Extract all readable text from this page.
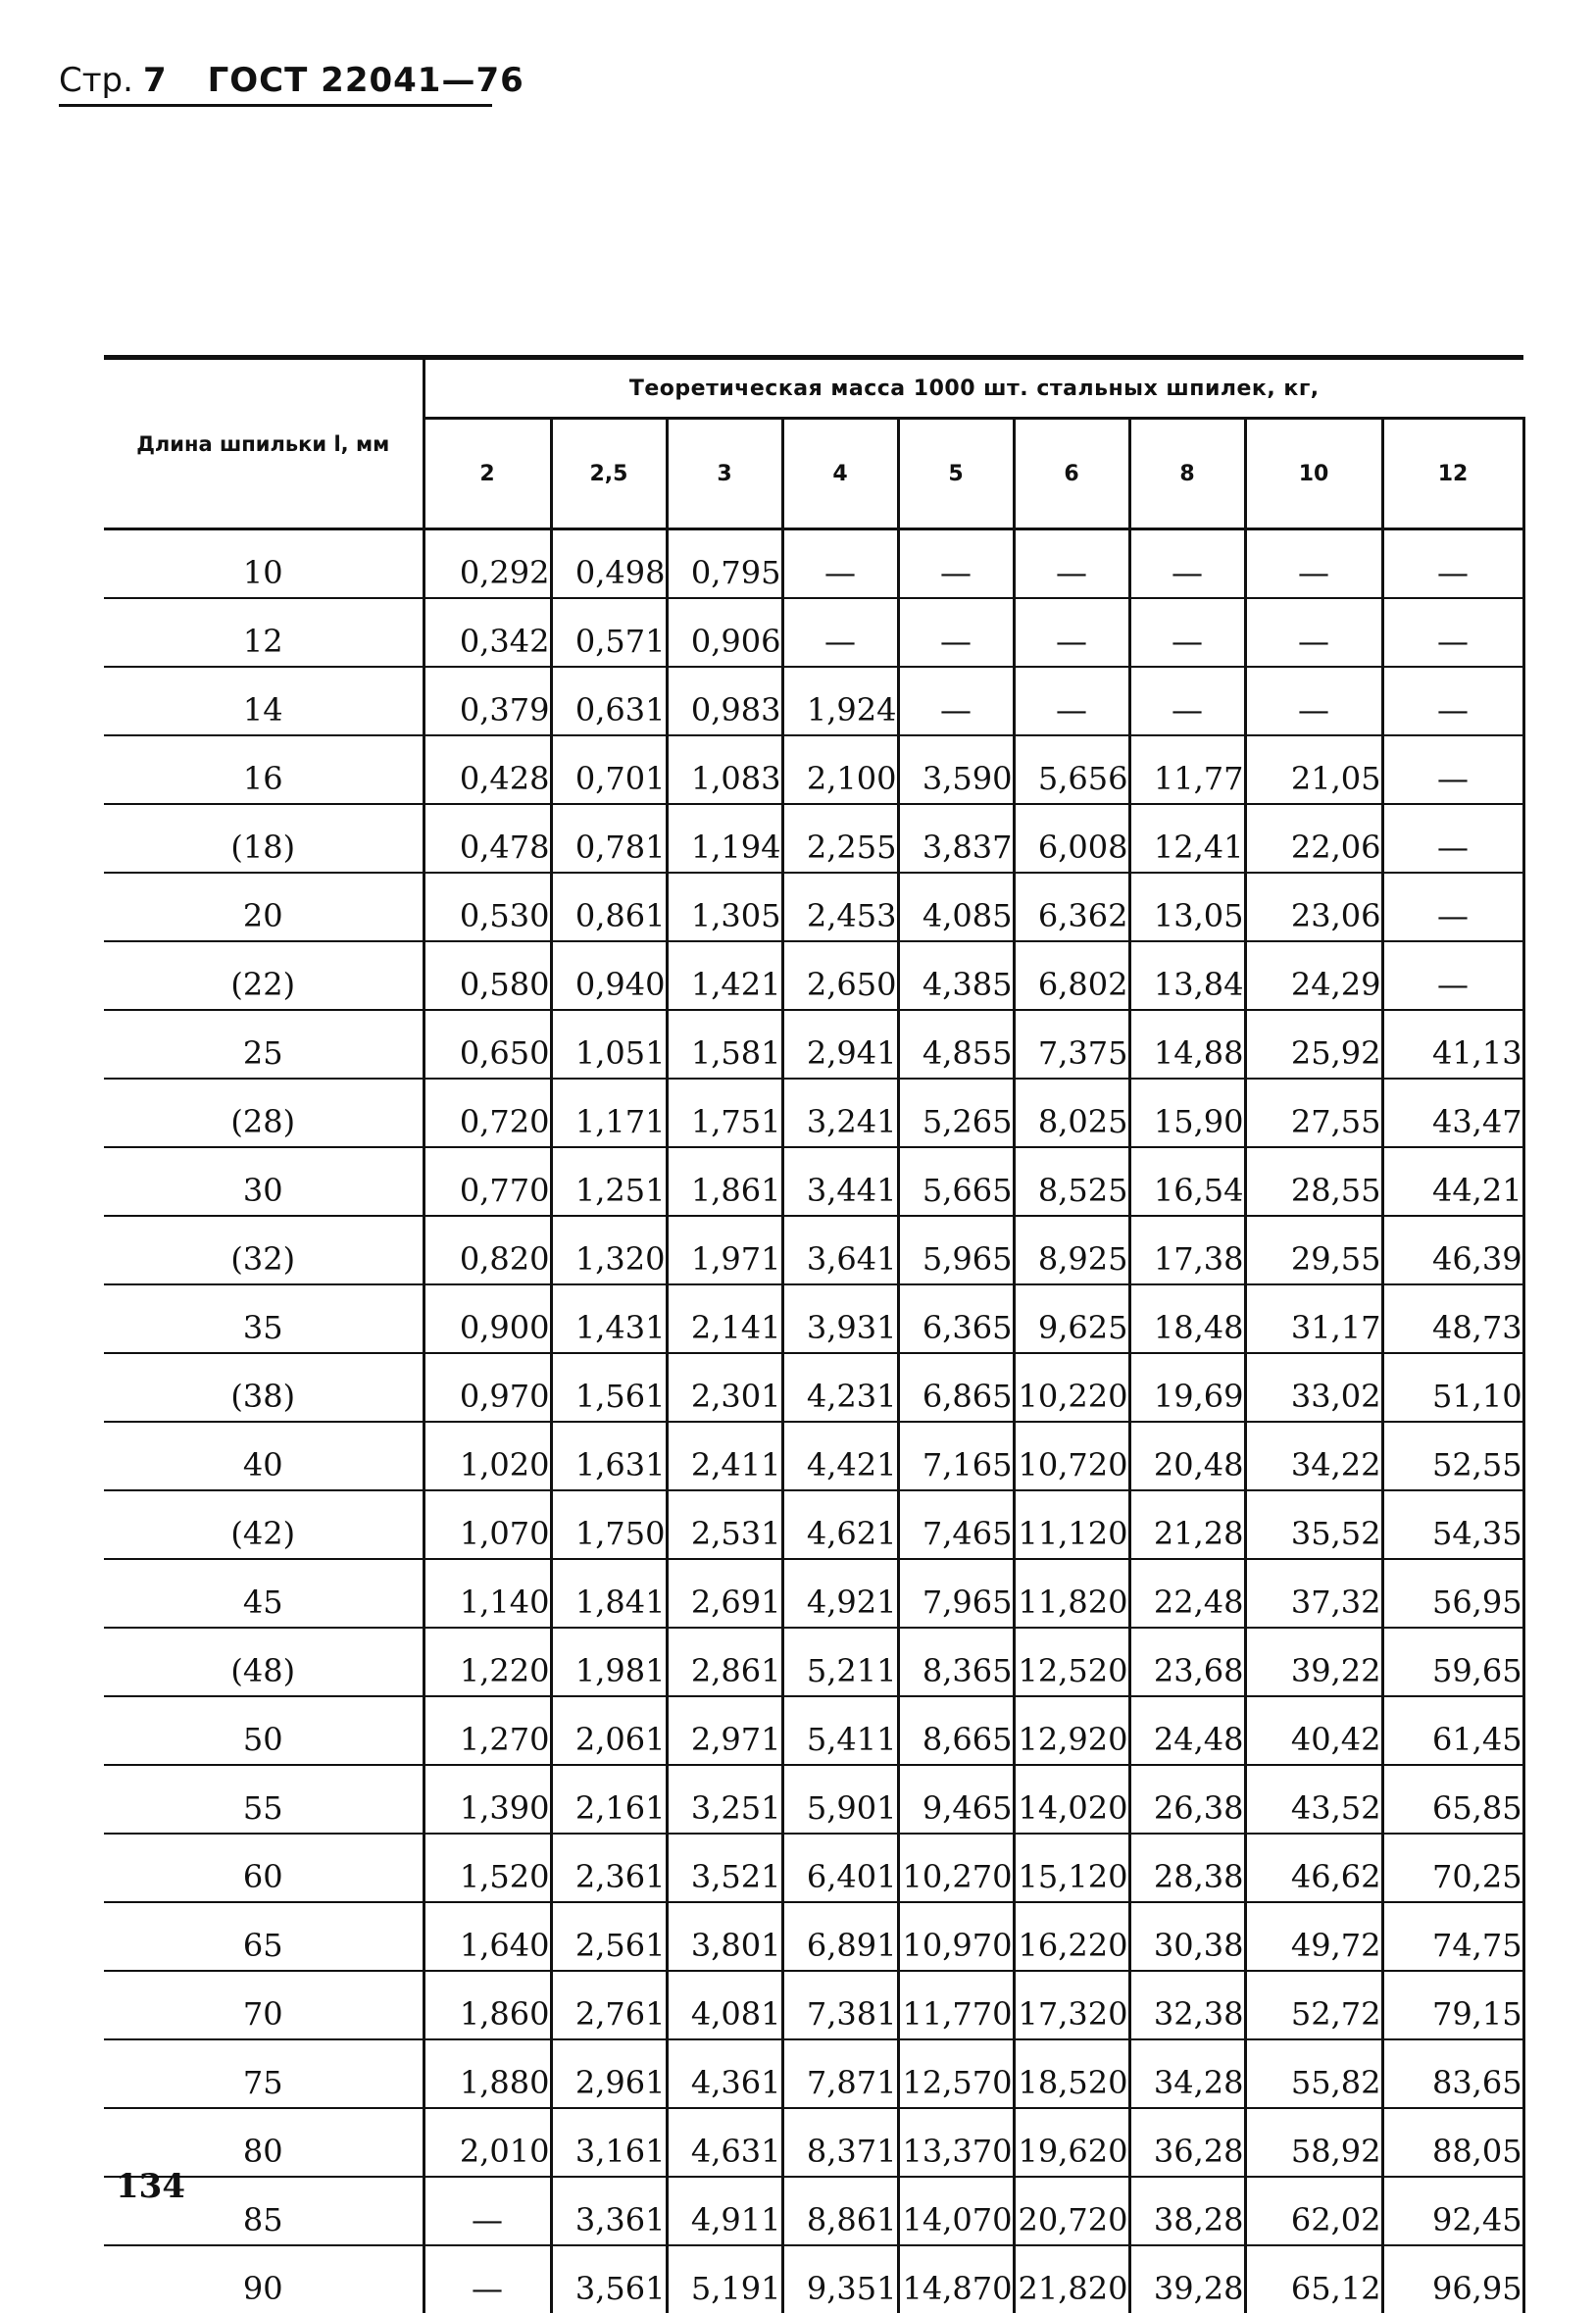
Стр. 7 ГОСТ 22041—76
Длина шпильки l, мм	Теоретическая масса 1000 шт. стальных шпилек, кг,								
	2	2,5	3	4	5	6	8	10	12
10	0,292	0,498	0,795	—	—	—	—	—	—
12	0,342	0,571	0,906	—	—	—	—	—	—
14	0,379	0,631	0,983	1,924	—	—	—	—	—
16	0,428	0,701	1,083	2,100	3,590	5,656	11,77	21,05	—
(18)	0,478	0,781	1,194	2,255	3,837	6,008	12,41	22,06	—
20	0,530	0,861	1,305	2,453	4,085	6,362	13,05	23,06	—
(22)	0,580	0,940	1,421	2,650	4,385	6,802	13,84	24,29	—
25	0,650	1,051	1,581	2,941	4,855	7,375	14,88	25,92	41,13
(28)	0,720	1,171	1,751	3,241	5,265	8,025	15,90	27,55	43,47
30	0,770	1,251	1,861	3,441	5,665	8,525	16,54	28,55	44,21
(32)	0,820	1,320	1,971	3,641	5,965	8,925	17,38	29,55	46,39
35	0,900	1,431	2,141	3,931	6,365	9,625	18,48	31,17	48,73
(38)	0,970	1,561	2,301	4,231	6,865	10,220	19,69	33,02	51,10
40	1,020	1,631	2,411	4,421	7,165	10,720	20,48	34,22	52,55
(42)	1,070	1,750	2,531	4,621	7,465	11,120	21,28	35,52	54,35
45	1,140	1,841	2,691	4,921	7,965	11,820	22,48	37,32	56,95
(48)	1,220	1,981	2,861	5,211	8,365	12,520	23,68	39,22	59,65
50	1,270	2,061	2,971	5,411	8,665	12,920	24,48	40,42	61,45
55	1,390	2,161	3,251	5,901	9,465	14,020	26,38	43,52	65,85
60	1,520	2,361	3,521	6,401	10,270	15,120	28,38	46,62	70,25
65	1,640	2,561	3,801	6,891	10,970	16,220	30,38	49,72	74,75
70	1,860	2,761	4,081	7,381	11,770	17,320	32,38	52,72	79,15
75	1,880	2,961	4,361	7,871	12,570	18,520	34,28	55,82	83,65
80	2,010	3,161	4,631	8,371	13,370	19,620	36,28	58,92	88,05
85	—	3,361	4,911	8,861	14,070	20,720	38,28	62,02	92,45
90	—	3,561	5,191	9,351	14,870	21,820	39,28	65,12	96,95
134
